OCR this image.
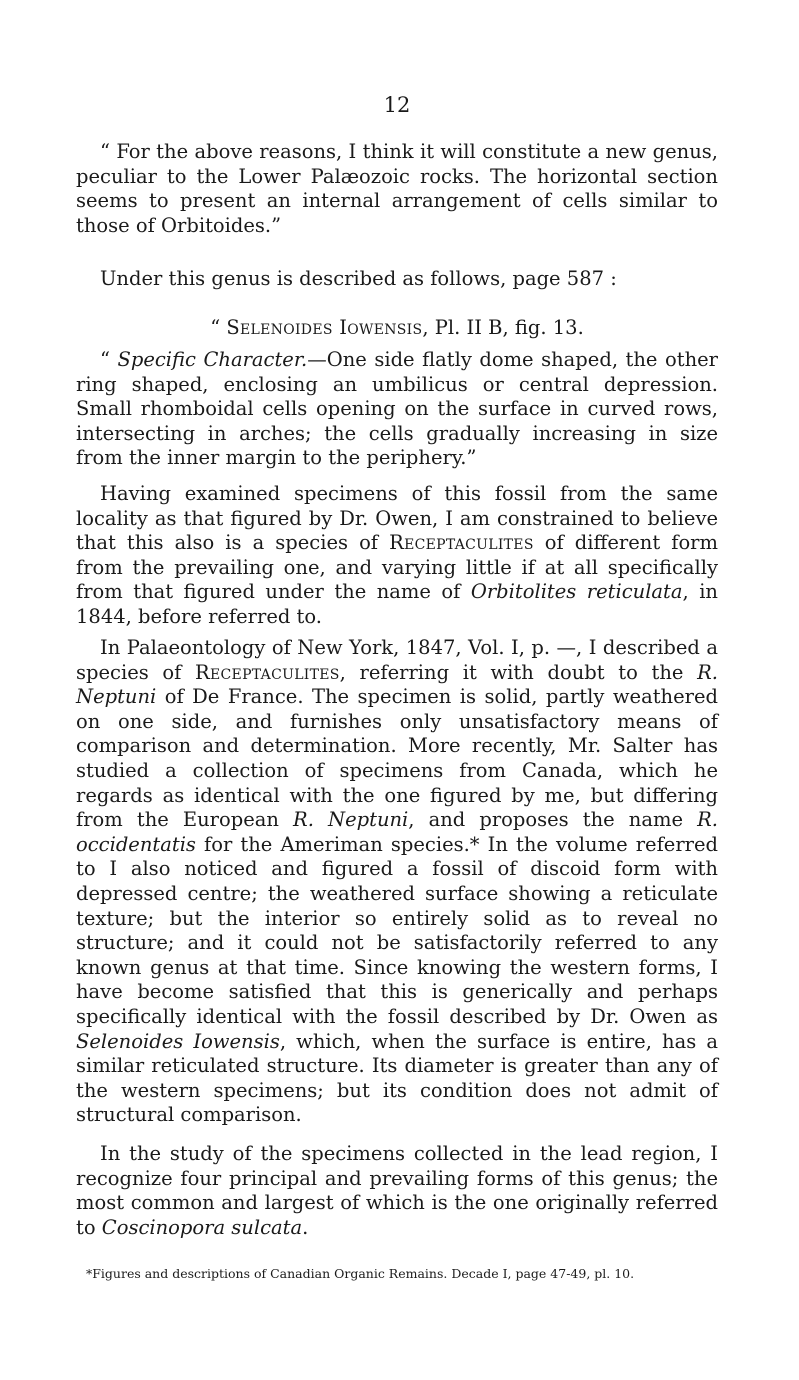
12

“ For the above reasons, I think it will constitute a new genus, peculiar to the Lower Palæozoic rocks. The horizontal section seems to present an internal arrangement of cells similar to those of Orbitoides.”

Under this genus is described as follows, page 587 :

“ Selenoides Iowensis, Pl. II B, fig. 13.

“ Specific Character.—One side flatly dome shaped, the other ring shaped, enclosing an umbilicus or central depression. Small rhomboidal cells opening on the surface in curved rows, intersecting in arches; the cells gradually increasing in size from the inner margin to the periphery.”

Having examined specimens of this fossil from the same locality as that figured by Dr. Owen, I am constrained to believe that this also is a species of Receptaculites of different form from the prevailing one, and varying little if at all specifically from that figured under the name of Orbitolites reticulata, in 1844, before referred to.

In Palaeontology of New York, 1847, Vol. I, p. —, I described a species of Receptaculites, referring it with doubt to the R. Neptuni of De France. The specimen is solid, partly weathered on one side, and furnishes only unsatisfactory means of comparison and determination. More recently, Mr. Salter has studied a collection of specimens from Canada, which he regards as identical with the one figured by me, but differing from the European R. Neptuni, and proposes the name R. occidentatis for the Ameriman species.* In the volume referred to I also noticed and figured a fossil of discoid form with depressed centre; the weathered surface showing a reticulate texture; but the interior so entirely solid as to reveal no structure; and it could not be satisfactorily referred to any known genus at that time. Since knowing the western forms, I have become satisfied that this is generically and perhaps specifically identical with the fossil described by Dr. Owen as Selenoides Iowensis, which, when the surface is entire, has a similar reticulated structure. Its diameter is greater than any of the western specimens; but its condition does not admit of structural comparison.

In the study of the specimens collected in the lead region, I recognize four principal and prevailing forms of this genus; the most common and largest of which is the one originally referred to Coscinopora sulcata.

*Figures and descriptions of Canadian Organic Remains. Decade I, page 47-49, pl. 10.
